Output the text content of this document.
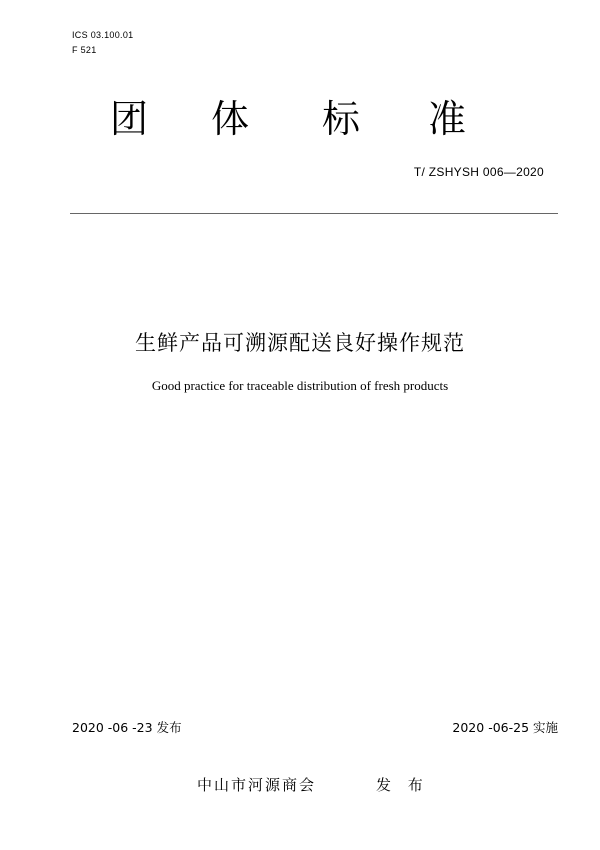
ICS 03.100.01
F 521
团 体 标 准
T/ ZSHYSH 006—2020
生鲜产品可溯源配送良好操作规范
Good practice for traceable distribution of fresh products
2020 -06 -23 发布	2020 -06-25 实施
中山市河源商会	发 布
